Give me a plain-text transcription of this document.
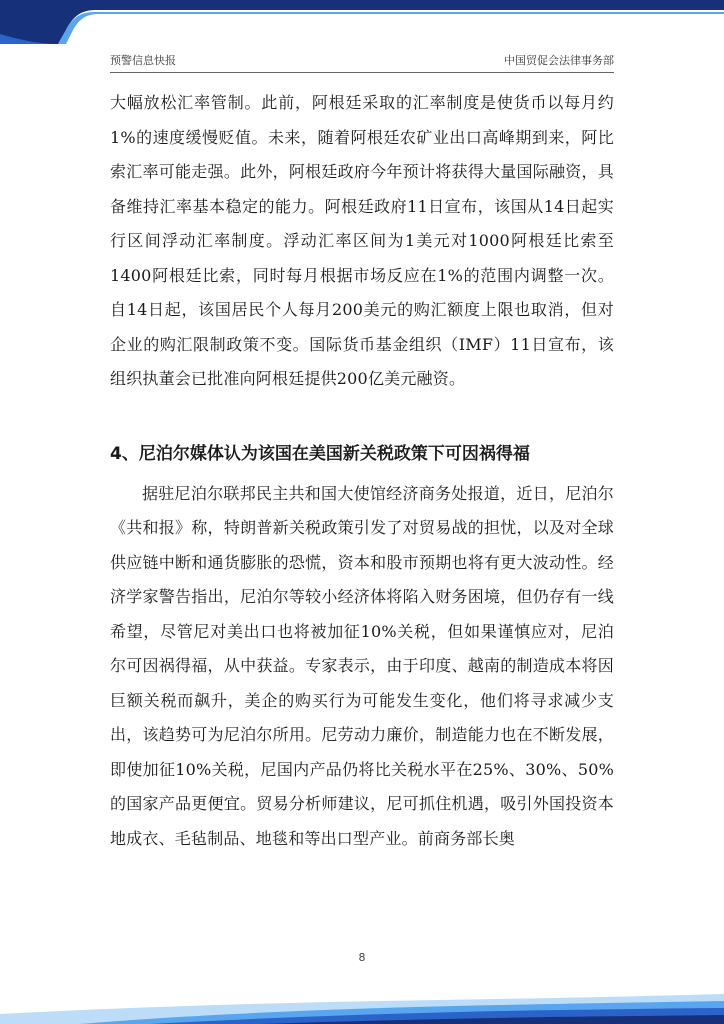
预警信息快报	中国贸促会法律事务部

大幅放松汇率管制。此前，阿根廷采取的汇率制度是使货币以每月约1%的速度缓慢贬值。未来，随着阿根廷农矿业出口高峰期到来，阿比索汇率可能走强。此外，阿根廷政府今年预计将获得大量国际融资，具备维持汇率基本稳定的能力。阿根廷政府11日宣布，该国从14日起实行区间浮动汇率制度。浮动汇率区间为1美元对1000阿根廷比索至1400阿根廷比索，同时每月根据市场反应在1%的范围内调整一次。自14日起，该国居民个人每月200美元的购汇额度上限也取消，但对企业的购汇限制政策不变。国际货币基金组织（IMF）11日宣布，该组织执董会已批准向阿根廷提供200亿美元融资。

4、尼泊尔媒体认为该国在美国新关税政策下可因祸得福

据驻尼泊尔联邦民主共和国大使馆经济商务处报道，近日，尼泊尔《共和报》称，特朗普新关税政策引发了对贸易战的担忧，以及对全球供应链中断和通货膨胀的恐慌，资本和股市预期也将有更大波动性。经济学家警告指出，尼泊尔等较小经济体将陷入财务困境，但仍存有一线希望，尽管尼对美出口也将被加征10%关税，但如果谨慎应对，尼泊尔可因祸得福，从中获益。专家表示，由于印度、越南的制造成本将因巨额关税而飙升，美企的购买行为可能发生变化，他们将寻求减少支出，该趋势可为尼泊尔所用。尼劳动力廉价，制造能力也在不断发展，即使加征10%关税，尼国内产品仍将比关税水平在25%、30%、50%的国家产品更便宜。贸易分析师建议，尼可抓住机遇，吸引外国投资本地成衣、毛毡制品、地毯和等出口型产业。前商务部长奥

8
